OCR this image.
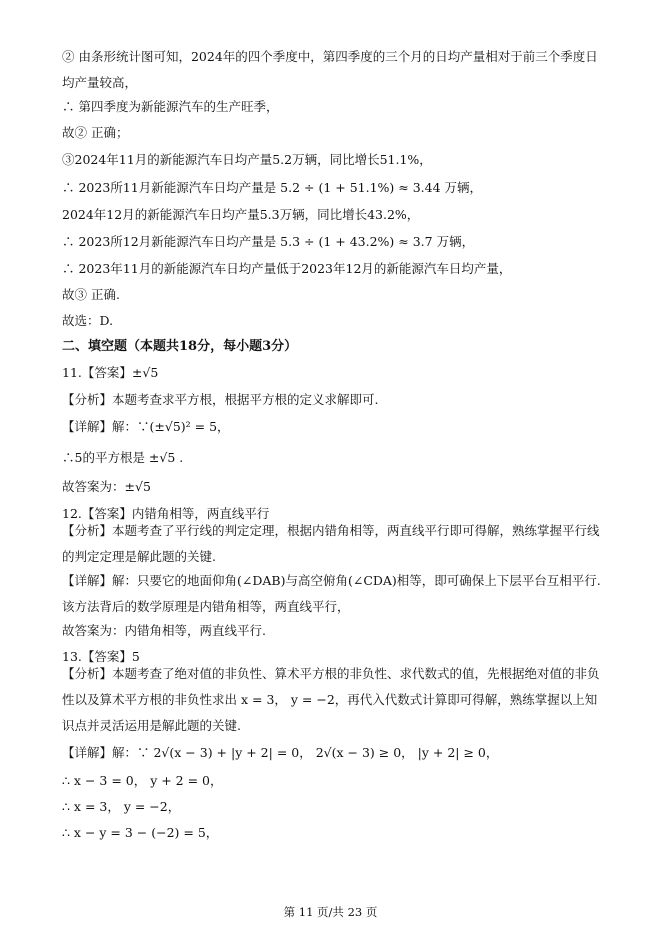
② 由条形统计图可知，2024年的四个季度中，第四季度的三个月的日均产量相对于前三个季度日均产量较高，
∴ 第四季度为新能源汽车的生产旺季，
故② 正确；
③2024年11月的新能源汽车日均产量5.2万辆，同比增长51.1%，
∴ 2023所11月新能源汽车日均产量是 5.2 ÷ (1 + 51.1%) ≈ 3.44 万辆，
2024年12月的新能源汽车日均产量5.3万辆，同比增长43.2%，
∴ 2023所12月新能源汽车日均产量是 5.3 ÷ (1 + 43.2%) ≈ 3.7 万辆，
∴ 2023年11月的新能源汽车日均产量低于2023年12月的新能源汽车日均产量，
故③ 正确.
故选：D.
二、填空题（本题共18分，每小题3分）
11.【答案】±√5
【分析】本题考查求平方根，根据平方根的定义求解即可.
【详解】解：∵(±√5)² = 5，
∴5的平方根是 ±√5 .
故答案为：±√5
12.【答案】内错角相等，两直线平行
【分析】本题考查了平行线的判定定理，根据内错角相等，两直线平行即可得解，熟练掌握平行线的判定定理是解此题的关键.
【详解】解：只要它的地面仰角(∠DAB)与高空俯角(∠CDA)相等，即可确保上下层平台互相平行. 该方法背后的数学原理是内错角相等，两直线平行，
故答案为：内错角相等，两直线平行.
13.【答案】5
【分析】本题考查了绝对值的非负性、算术平方根的非负性、求代数式的值，先根据绝对值的非负性以及算术平方根的非负性求出 x = 3， y = −2，再代入代数式计算即可得解，熟练掌握以上知识点并灵活运用是解此题的关键.
【详解】解：∵ 2√(x − 3) + |y + 2| = 0， 2√(x − 3) ≥ 0， |y + 2| ≥ 0，
∴ x − 3 = 0， y + 2 = 0，
∴ x = 3， y = −2，
∴ x − y = 3 − (−2) = 5，
第 11 页/共 23 页
